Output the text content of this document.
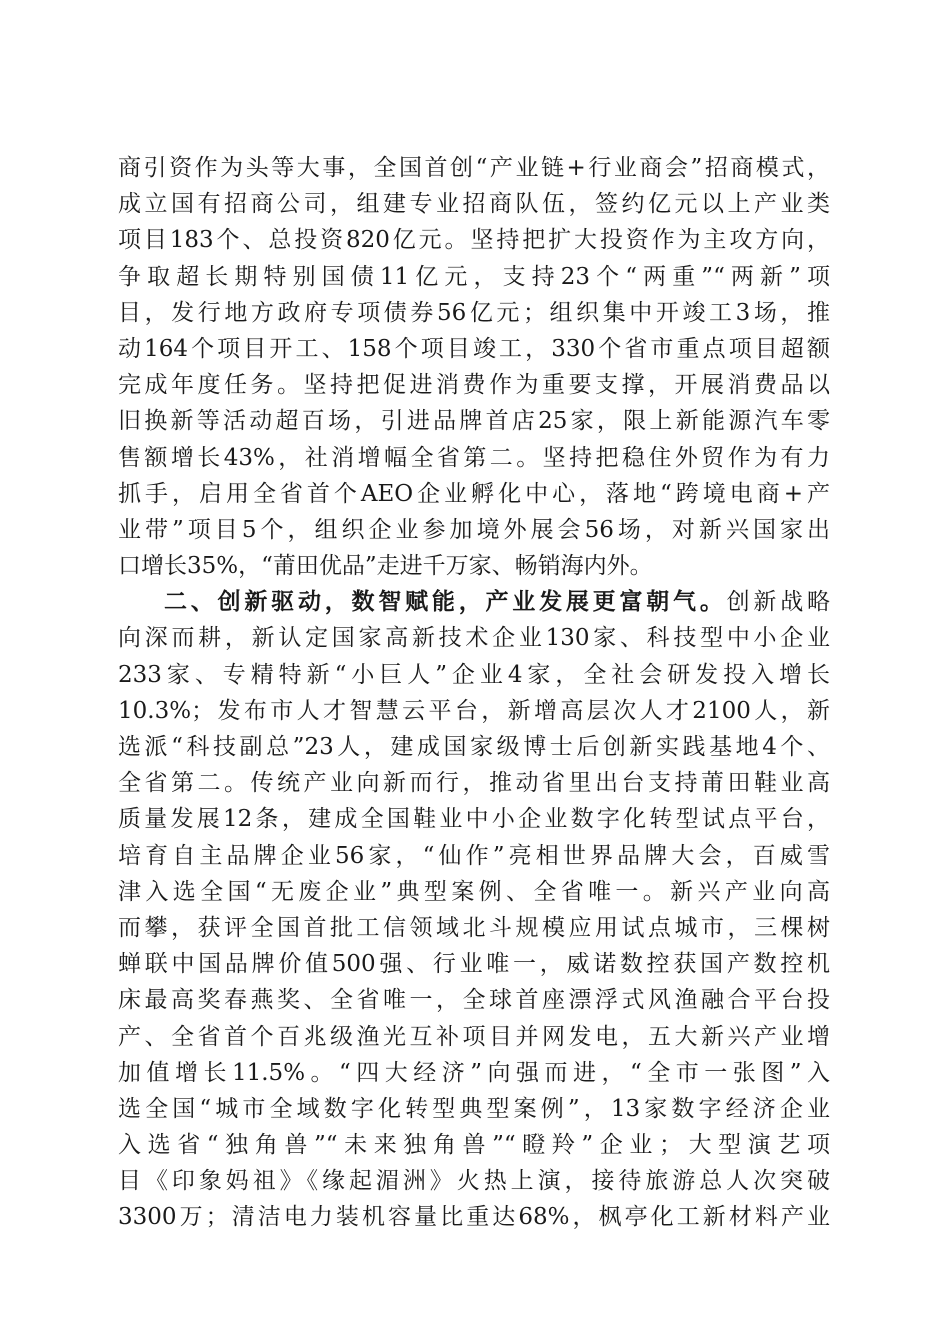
商引资作为头等大事，全国首创“产业链+行业商会”招商模式，
成立国有招商公司，组建专业招商队伍，签约亿元以上产业类
项目183个、总投资820亿元。坚持把扩大投资作为主攻方向，
争取超长期特别国债11亿元，支持23个“两重”“两新”项
目，发行地方政府专项债券56亿元；组织集中开竣工3场，推
动164个项目开工、158个项目竣工，330个省市重点项目超额
完成年度任务。坚持把促进消费作为重要支撑，开展消费品以
旧换新等活动超百场，引进品牌首店25家，限上新能源汽车零
售额增长43%，社消增幅全省第二。坚持把稳住外贸作为有力
抓手，启用全省首个AEO企业孵化中心，落地“跨境电商+产
业带”项目5个，组织企业参加境外展会56场，对新兴国家出
口增长35%，“莆田优品”走进千万家、畅销海内外。
二、创新驱动，数智赋能，产业发展更富朝气。创新战略
向深而耕，新认定国家高新技术企业130家、科技型中小企业
233家、专精特新“小巨人”企业4家，全社会研发投入增长
10.3%；发布市人才智慧云平台，新增高层次人才2100人，新
选派“科技副总”23人，建成国家级博士后创新实践基地4个、
全省第二。传统产业向新而行，推动省里出台支持莆田鞋业高
质量发展12条，建成全国鞋业中小企业数字化转型试点平台，
培育自主品牌企业56家，“仙作”亮相世界品牌大会，百威雪
津入选全国“无废企业”典型案例、全省唯一。新兴产业向高
而攀，获评全国首批工信领域北斗规模应用试点城市，三棵树
蝉联中国品牌价值500强、行业唯一，威诺数控获国产数控机
床最高奖春燕奖、全省唯一，全球首座漂浮式风渔融合平台投
产、全省首个百兆级渔光互补项目并网发电，五大新兴产业增
加值增长11.5%。“四大经济”向强而进，“全市一张图”入
选全国“城市全域数字化转型典型案例”，13家数字经济企业
入选省“独角兽”“未来独角兽”“瞪羚”企业；大型演艺项
目《印象妈祖》《缘起湄洲》火热上演，接待旅游总人次突破
3300万；清洁电力装机容量比重达68%，枫亭化工新材料产业
